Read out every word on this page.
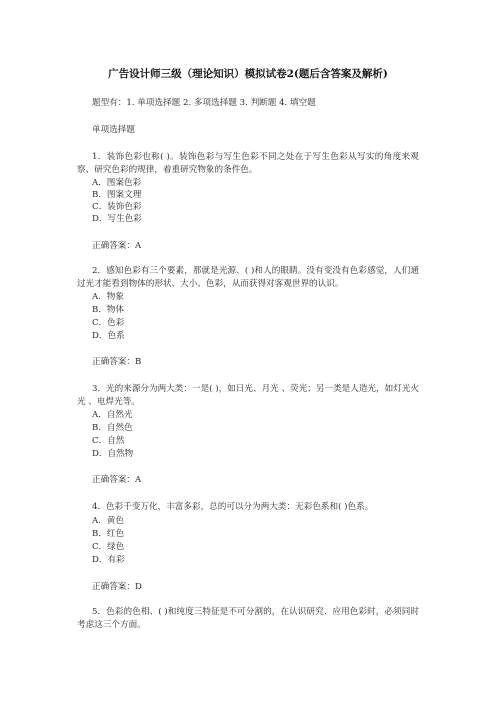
广告设计师三级（理论知识）模拟试卷2(题后含答案及解析)
题型有：1. 单项选择题 2. 多项选择题 3. 判断题 4. 填空题
单项选择题
1．装饰色彩也称( )。装饰色彩与写生色彩不同之处在于写生色彩从写实的角度来观察、研究色彩的规律，着重研究物象的条件色。
A．图案色彩
B．图案文理
C．装饰色彩
D．写生色彩
正确答案：A
2．感知色彩有三个要素，那就是光源、( )和人的眼睛。没有变没有色彩感觉，人们通过光才能看到物体的形状、大小、色彩，从而获得对客观世界的认识。
A．物象
B．物体
C．色彩
D．色系
正确答案：B
3．光的来源分为两大类：一是( )，如日光、月光 、荧光；另一类是人造光，如灯光火光 、电焊光等。
A．自然光
B．自然色
C．自然
D．自然物
正确答案：A
4．色彩千变万化，丰富多彩，总的可以分为两大类：无彩色系和( )色系。
A．黄色
B．红色
C．绿色
D．有彩
正确答案：D
5．色彩的色相、( )和纯度三特征是不可分割的，在认识研究、应用色彩时，必须同时考虑这三个方面。
